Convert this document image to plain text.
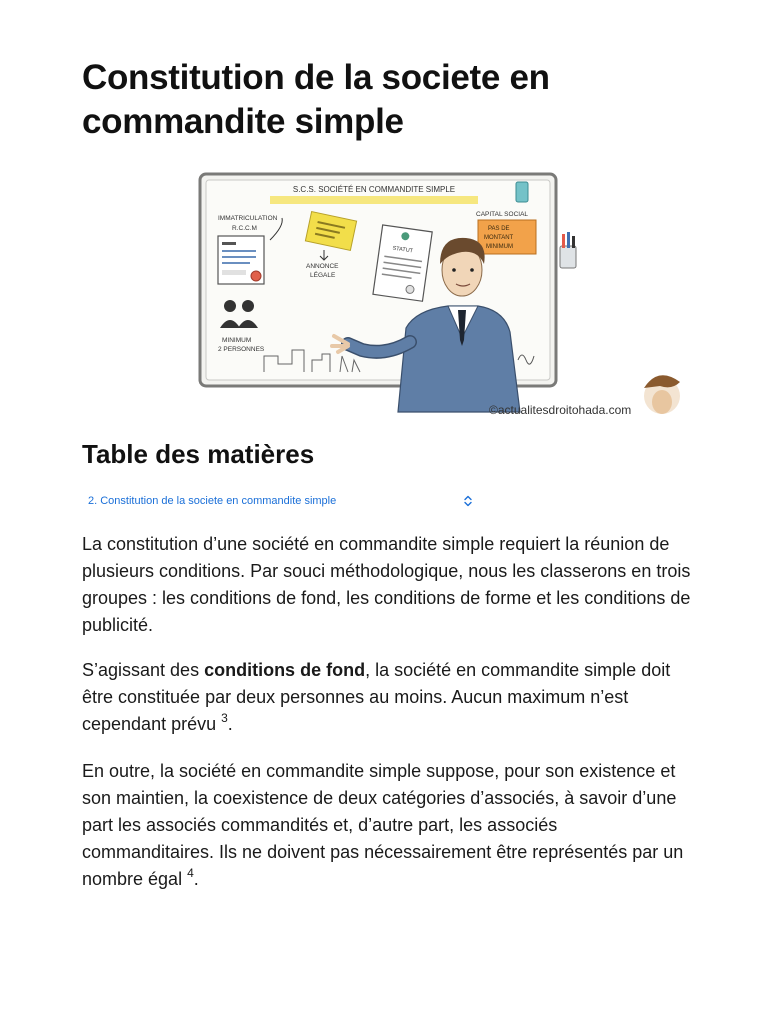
Constitution de la societe en commandite simple
S.C.S. SOCIÉTÉ EN COMMANDITE SIMPLE
IMMATRICULATION
R.C.C.M
ANNONCE
LÉGALE
STATUT
CAPITAL SOCIAL
PAS DE
MONTANT
MINIMUM
MINIMUM
2 PERSONNES
©actualitesdroitohada.com
Table des matières
2. Constitution de la societe en commandite simple

La constitution d’une société en commandite simple requiert la réunion de plusieurs conditions. Par souci méthodologique, nous les classerons en trois groupes : les conditions de fond, les conditions de forme et les conditions de publicité.

S’agissant des conditions de fond, la société en commandite simple doit être constituée par deux personnes au moins. Aucun maximum n’est cependant prévu $^3$.

En outre, la société en commandite simple suppose, pour son existence et son maintien, la coexistence de deux catégories d’associés, à savoir d’une part les associés commandités et, d’autre part, les associés commanditaires. Ils ne doivent pas nécessairement être représentés par un nombre égal $^4$.
